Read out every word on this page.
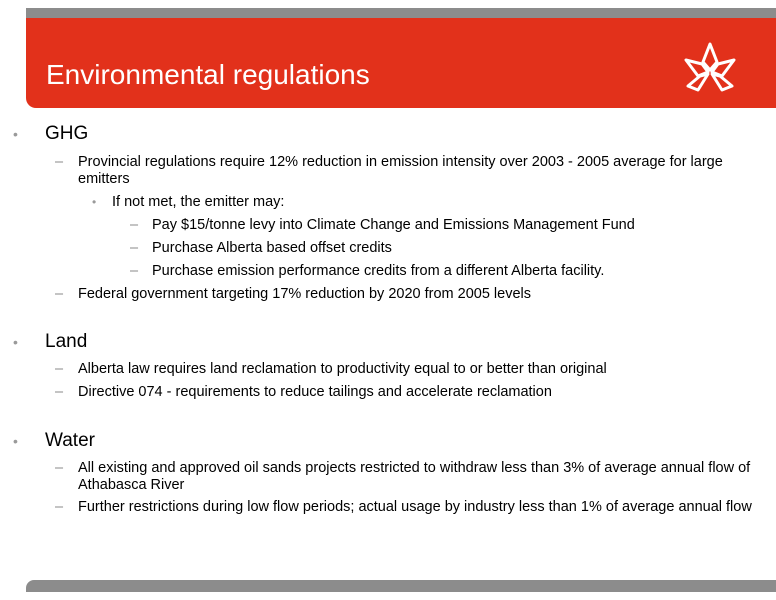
Environmental regulations
• GHG
– Provincial regulations require 12% reduction in emission intensity over 2003 - 2005 average for large emitters
• If not met, the emitter may:
– Pay $15/tonne levy into Climate Change and Emissions Management Fund
– Purchase Alberta based offset credits
– Purchase emission performance credits from a different Alberta facility.
– Federal government targeting 17% reduction by 2020 from 2005 levels
• Land
– Alberta law requires land reclamation to productivity equal to or better than original
– Directive 074 - requirements to reduce tailings and accelerate reclamation
• Water
– All existing and approved oil sands projects restricted to withdraw less than 3% of average annual flow of Athabasca River
– Further restrictions during low flow periods; actual usage by industry less than 1% of average annual flow
